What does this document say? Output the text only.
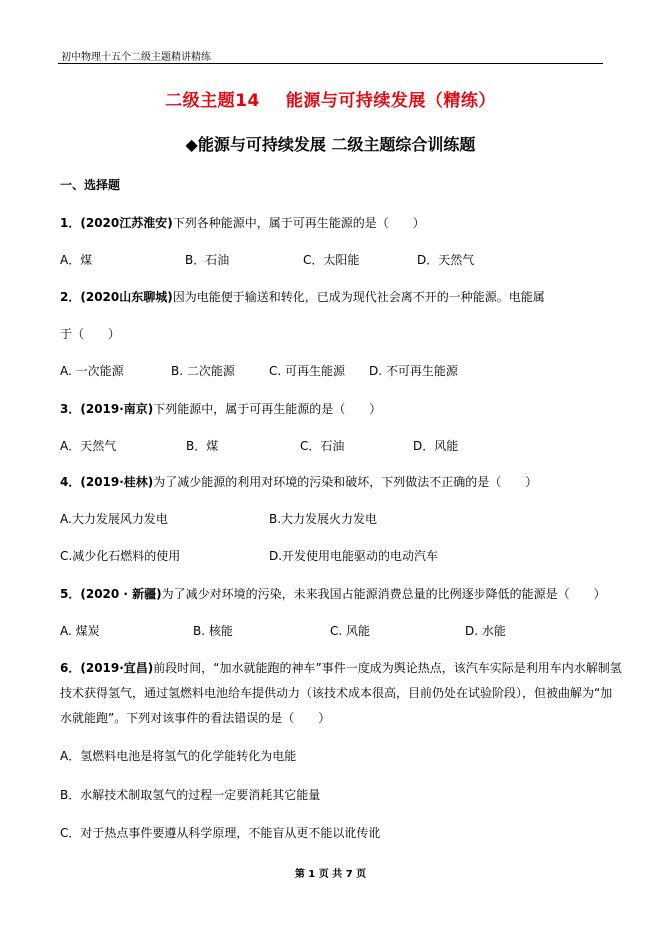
初中物理十五个二级主题精讲精练
二级主题14 能源与可持续发展（精练）
◆能源与可持续发展 二级主题综合训练题
一、选择题
1．(2020江苏淮安)下列各种能源中，属于可再生能源的是（　　）
A．煤	B．石油	C．太阳能	D．天然气
2．(2020山东聊城)因为电能便于输送和转化，已成为现代社会离不开的一种能源。电能属
于（　　）
A. 一次能源	B. 二次能源	C. 可再生能源 D. 不可再生能源
3．(2019·南京)下列能源中，属于可再生能源的是（　　）
A．天然气	B．煤	C．石油	D．风能
4．(2019·桂林)为了减少能源的利用对环境的污染和破坏，下列做法不正确的是（　　）
A.大力发展风力发电	B.大力发展火力发电
C.减少化石燃料的使用	D.开发使用电能驱动的电动汽车
5．(2020 · 新疆)为了减少对环境的污染，未来我国占能源消费总量的比例逐步降低的能源是（　　）
A. 煤炭	B. 核能	C. 风能	D. 水能
6．(2019·宜昌)前段时间，“加水就能跑的神车”事件一度成为舆论热点，该汽车实际是利用车内水解制氢
技术获得氢气，通过氢燃料电池给车提供动力（该技术成本很高，目前仍处在试验阶段），但被曲解为“加
水就能跑”。下列对该事件的看法错误的是（　　）
A．氢燃料电池是将氢气的化学能转化为电能
B．水解技术制取氢气的过程一定要消耗其它能量
C．对于热点事件要遵从科学原理，不能盲从更不能以讹传讹
第 1 页 共 7 页
